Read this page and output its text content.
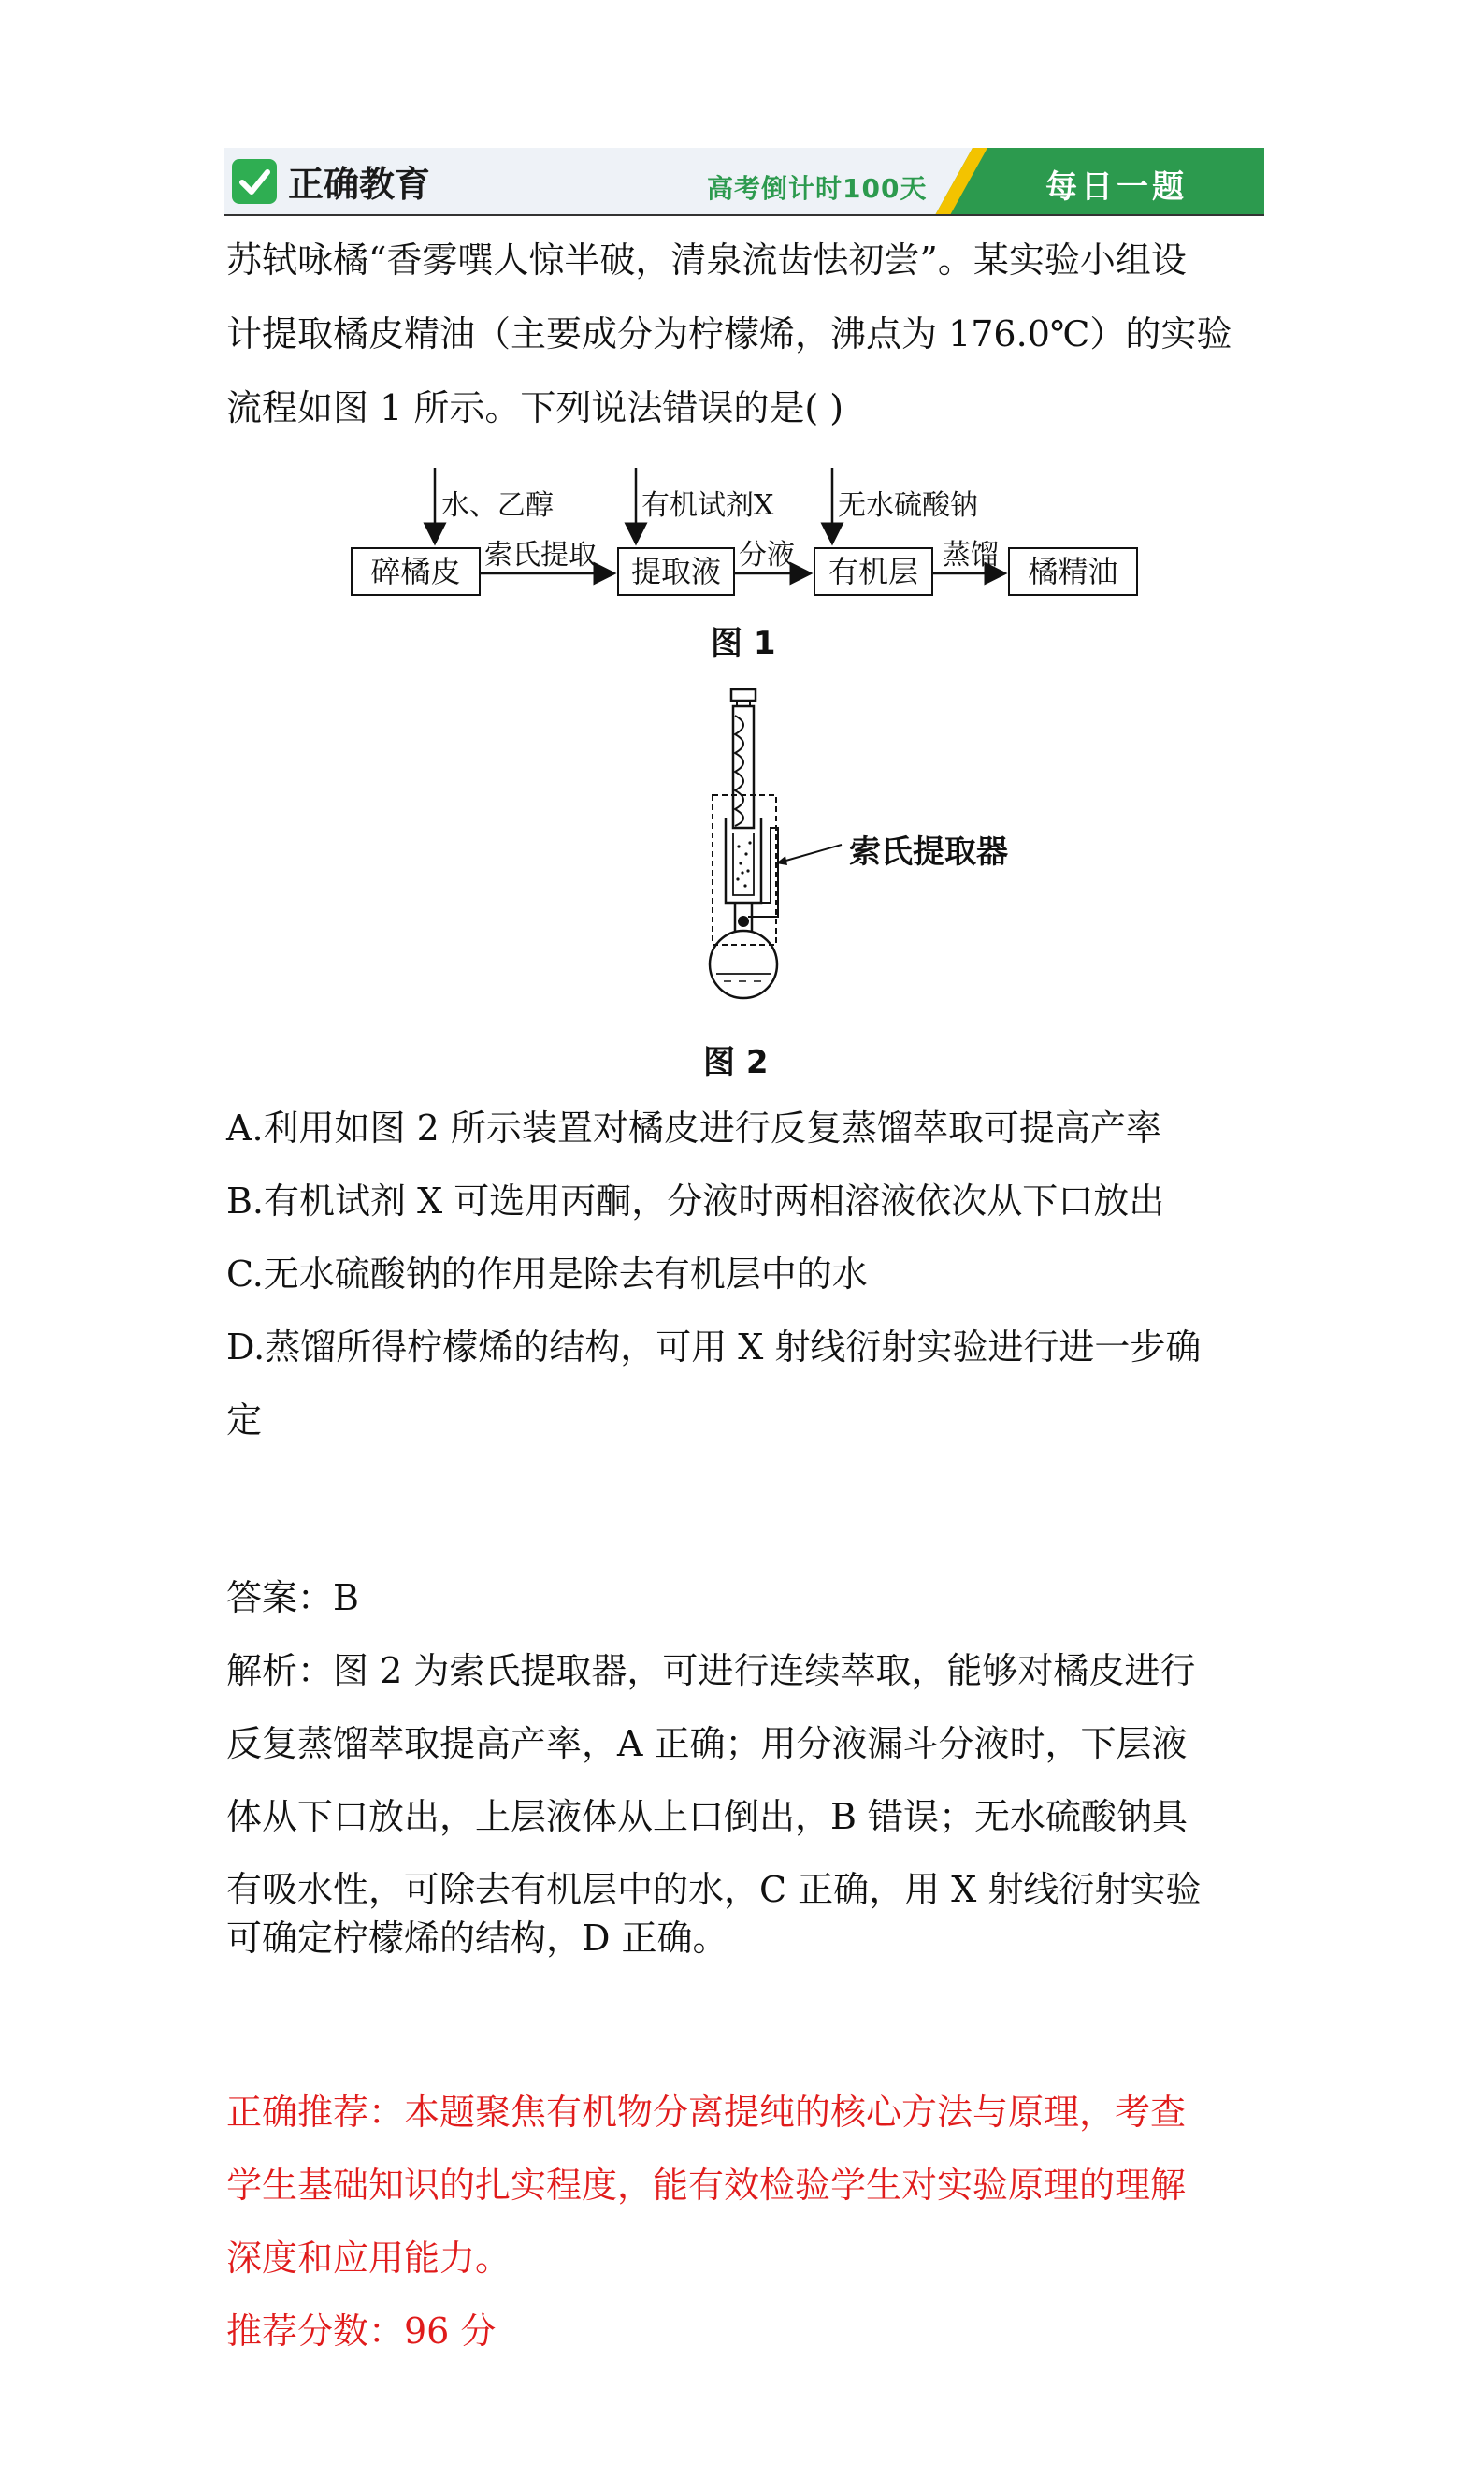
正确教育	高考倒计时100天	每日一题
苏轼咏橘“香雾噀人惊半破，清泉流齿怯初尝”。某实验小组设
计提取橘皮精油（主要成分为柠檬烯，沸点为 176.0℃）的实验
流程如图 1 所示。下列说法错误的是( )
水、乙醇	有机试剂X 无水硫酸钠
碎橘皮	提取液	有机层	橘精油
索氏提取	分液	蒸馏
图 1
索氏提取器
图 2
A.利用如图 2 所示装置对橘皮进行反复蒸馏萃取可提高产率
B.有机试剂 X 可选用丙酮，分液时两相溶液依次从下口放出
C.无水硫酸钠的作用是除去有机层中的水
D.蒸馏所得柠檬烯的结构，可用 X 射线衍射实验进行进一步确
定
答案：B
解析：图 2 为索氏提取器，可进行连续萃取，能够对橘皮进行
反复蒸馏萃取提高产率，A 正确；用分液漏斗分液时，下层液
体从下口放出，上层液体从上口倒出，B 错误；无水硫酸钠具
有吸水性，可除去有机层中的水，C 正确，用 X 射线衍射实验
可确定柠檬烯的结构，D 正确。
正确推荐：本题聚焦有机物分离提纯的核心方法与原理，考查
学生基础知识的扎实程度，能有效检验学生对实验原理的理解
深度和应用能力。
推荐分数：96 分
